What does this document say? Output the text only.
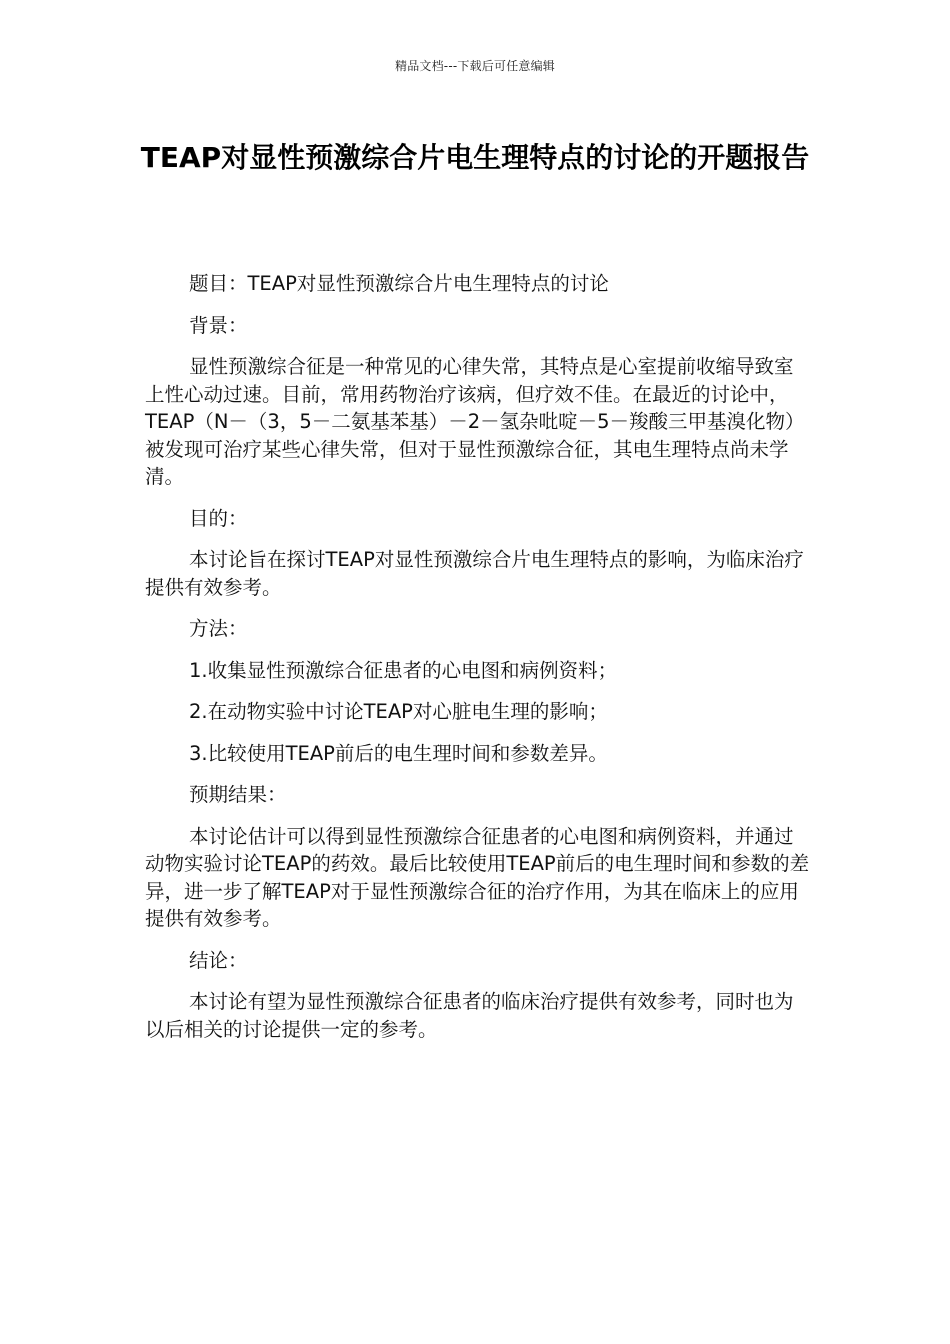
精品文档---下载后可任意编辑
TEAP对显性预激综合片电生理特点的讨论的开题报告

题目：TEAP对显性预激综合片电生理特点的讨论

背景：

显性预激综合征是一种常见的心律失常，其特点是心室提前收缩导致室上性心动过速。目前，常用药物治疗该病，但疗效不佳。在最近的讨论中，TEAP（N－（3，5－二氨基苯基）－2－氢杂吡啶－5－羧酸三甲基溴化物）被发现可治疗某些心律失常，但对于显性预激综合征，其电生理特点尚未学清。

目的：

本讨论旨在探讨TEAP对显性预激综合片电生理特点的影响，为临床治疗提供有效参考。

方法：

1.收集显性预激综合征患者的心电图和病例资料；

2.在动物实验中讨论TEAP对心脏电生理的影响；

3.比较使用TEAP前后的电生理时间和参数差异。

预期结果：

本讨论估计可以得到显性预激综合征患者的心电图和病例资料，并通过动物实验讨论TEAP的药效。最后比较使用TEAP前后的电生理时间和参数的差异，进一步了解TEAP对于显性预激综合征的治疗作用，为其在临床上的应用提供有效参考。

结论：

本讨论有望为显性预激综合征患者的临床治疗提供有效参考，同时也为以后相关的讨论提供一定的参考。
